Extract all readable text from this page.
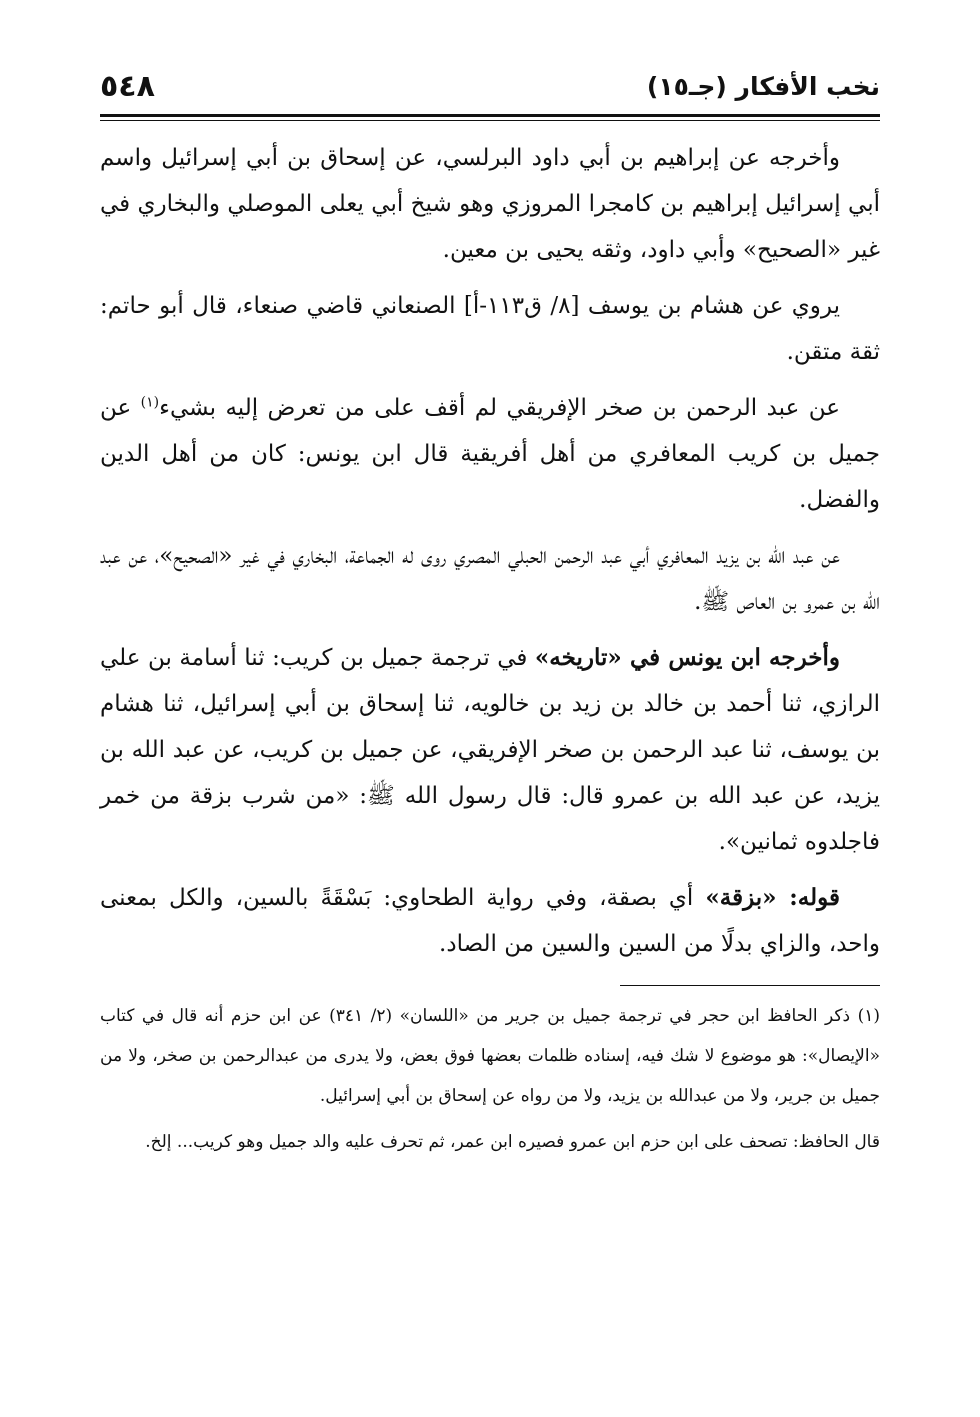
٥٤٨	نخب الأفكار (جـ١٥)

وأخرجه عن إبراهيم بن أبي داود البرلسي، عن إسحاق بن أبي إسرائيل واسم أبي إسرائيل إبراهيم بن كامجرا المروزي وهو شيخ أبي يعلى الموصلي والبخاري في غير «الصحيح» وأبي داود، وثقه يحيى بن معين.

يروي عن هشام بن يوسف [٨/ ق١١٣-أ] الصنعاني قاضي صنعاء، قال أبو حاتم: ثقة متقن.

عن عبد الرحمن بن صخر الإفريقي لم أقف على من تعرض إليه بشيء$^{(١)}$ عن جميل بن كريب المعافري من أهل أفريقية قال ابن يونس: كان من أهل الدين والفضل.

عن عبد الله بن يزيد المعافري أبي عبد الرحمن الحبلي المصري روى له الجماعة، البخاري في غير «الصحيح»، عن عبد الله بن عمرو بن العاص ﷺ.

وأخرجه ابن يونس في «تاريخه» في ترجمة جميل بن كريب: ثنا أسامة بن علي الرازي، ثنا أحمد بن خالد بن زيد بن خالويه، ثنا إسحاق بن أبي إسرائيل، ثنا هشام بن يوسف، ثنا عبد الرحمن بن صخر الإفريقي، عن جميل بن كريب، عن عبد الله بن يزيد، عن عبد الله بن عمرو قال: قال رسول الله ﷺ: «من شرب بزقة من خمر فاجلدوه ثمانين».

قوله: «بزقة» أي بصقة، وفي رواية الطحاوي: بَسْقَةً بالسين، والكل بمعنى واحد، والزاي بدلًا من السين والسين من الصاد.

(١) ذكر الحافظ ابن حجر في ترجمة جميل بن جرير من «اللسان» (٢/ ٣٤١) عن ابن حزم أنه قال في كتاب «الإيصال»: هو موضوع لا شك فيه، إسناده ظلمات بعضها فوق بعض، ولا يدرى من عبدالرحمن بن صخر، ولا من جميل بن جرير، ولا من عبدالله بن يزيد، ولا من رواه عن إسحاق بن أبي إسرائيل.

قال الحافظ: تصحف على ابن حزم ابن عمرو فصيره ابن عمر، ثم تحرف عليه والد جميل وهو كريب... إلخ.
